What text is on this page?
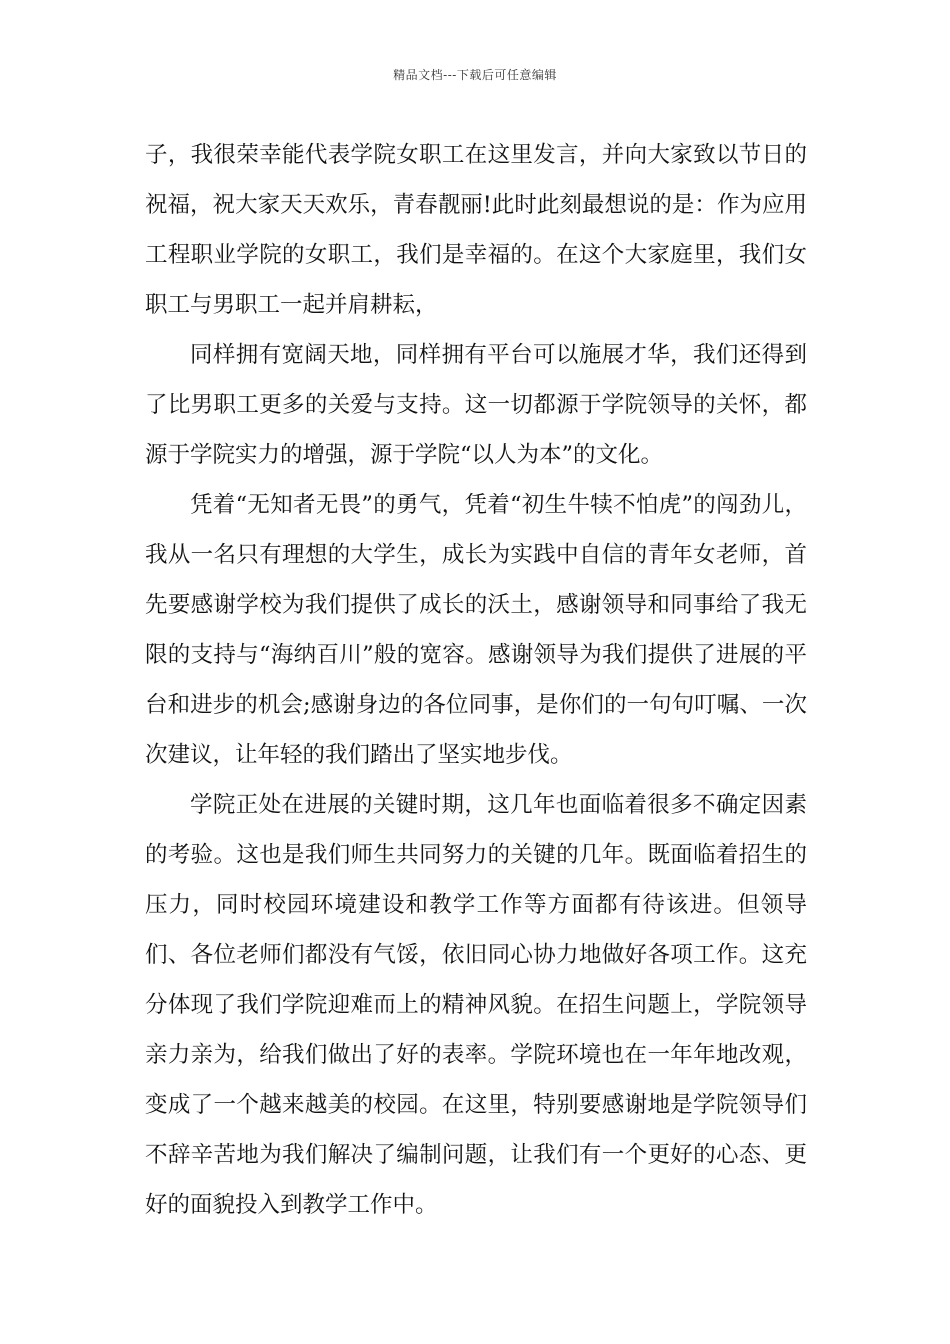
精品文档---下载后可任意编辑

子，我很荣幸能代表学院女职工在这里发言，并向大家致以节日的祝福，祝大家天天欢乐，青春靓丽!此时此刻最想说的是：作为应用工程职业学院的女职工，我们是幸福的。在这个大家庭里，我们女职工与男职工一起并肩耕耘，

同样拥有宽阔天地，同样拥有平台可以施展才华，我们还得到了比男职工更多的关爱与支持。这一切都源于学院领导的关怀，都源于学院实力的增强，源于学院“以人为本”的文化。

凭着“无知者无畏”的勇气，凭着“初生牛犊不怕虎”的闯劲儿，我从一名只有理想的大学生，成长为实践中自信的青年女老师，首先要感谢学校为我们提供了成长的沃土，感谢领导和同事给了我无限的支持与“海纳百川”般的宽容。感谢领导为我们提供了进展的平台和进步的机会;感谢身边的各位同事，是你们的一句句叮嘱、一次次建议，让年轻的我们踏出了坚实地步伐。

学院正处在进展的关键时期，这几年也面临着很多不确定因素的考验。这也是我们师生共同努力的关键的几年。既面临着招生的压力，同时校园环境建设和教学工作等方面都有待该进。但领导们、各位老师们都没有气馁，依旧同心协力地做好各项工作。这充分体现了我们学院迎难而上的精神风貌。在招生问题上，学院领导亲力亲为，给我们做出了好的表率。学院环境也在一年年地改观，变成了一个越来越美的校园。在这里，特别要感谢地是学院领导们不辞辛苦地为我们解决了编制问题，让我们有一个更好的心态、更好的面貌投入到教学工作中。
